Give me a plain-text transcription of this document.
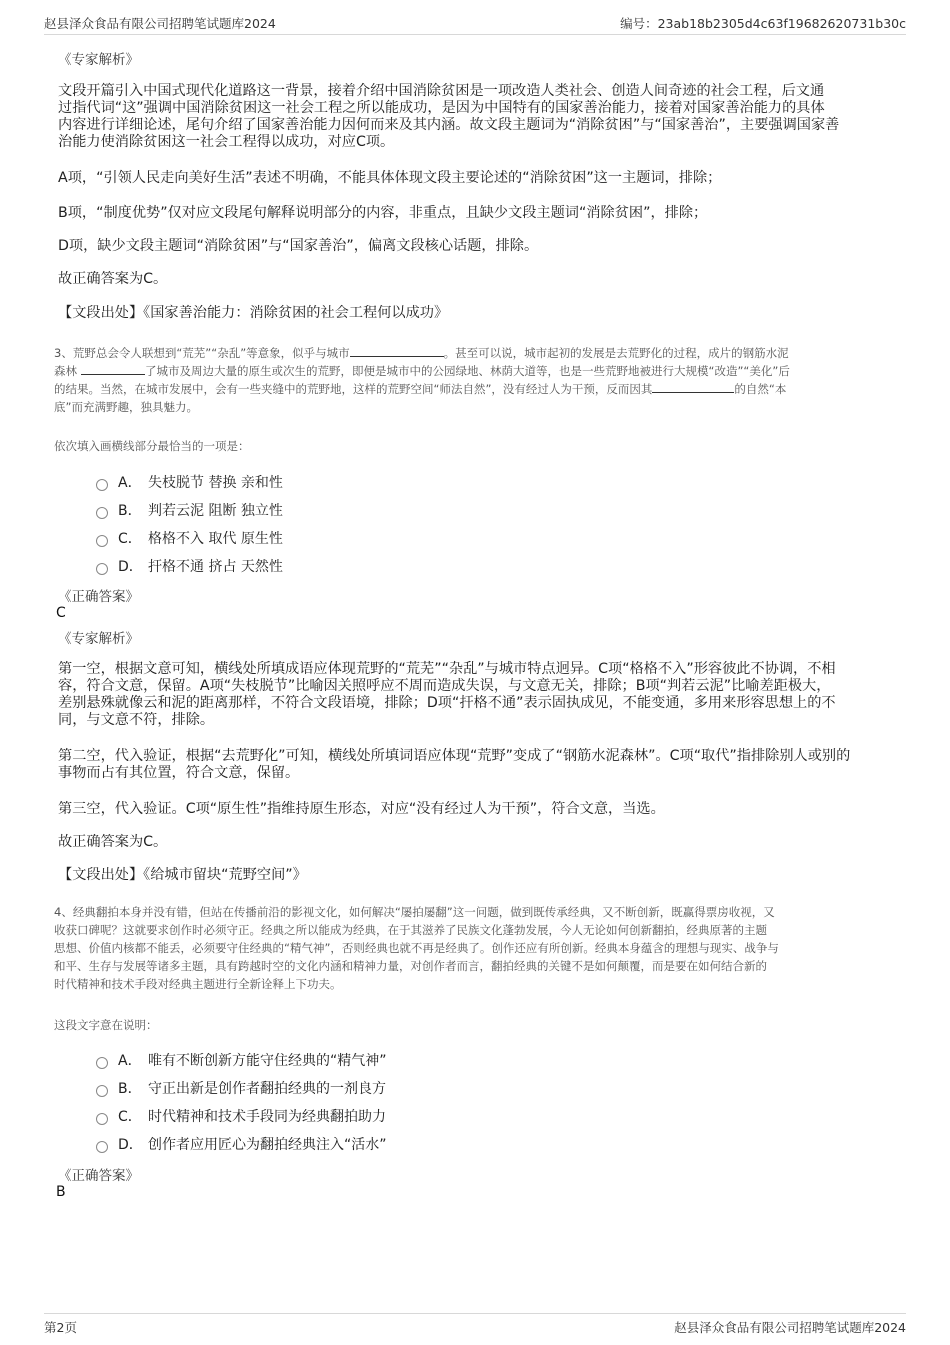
赵县泽众食品有限公司招聘笔试题库2024	编号：23ab18b2305d4c63f19682620731b30c
《专家解析》

文段开篇引入中国式现代化道路这一背景，接着介绍中国消除贫困是一项改造人类社会、创造人间奇迹的社会工程，后文通

过指代词“这”强调中国消除贫困这一社会工程之所以能成功，是因为中国特有的国家善治能力，接着对国家善治能力的具体

内容进行详细论述，尾句介绍了国家善治能力因何而来及其内涵。故文段主题词为“消除贫困”与“国家善治”，主要强调国家善

治能力使消除贫困这一社会工程得以成功，对应C项。

A项，“引领人民走向美好生活”表述不明确，不能具体体现文段主要论述的“消除贫困”这一主题词，排除；

B项，“制度优势”仅对应文段尾句解释说明部分的内容，非重点，且缺少文段主题词“消除贫困”，排除；

D项，缺少文段主题词“消除贫困”与“国家善治”，偏离文段核心话题，排除。

故正确答案为C。

【文段出处】《国家善治能力：消除贫困的社会工程何以成功》

3、荒野总会令人联想到“荒芜”“杂乱”等意象，似乎与城市	。甚至可以说，城市起初的发展是去荒野化的过程，成片的钢筋水泥
森林	了城市及周边大量的原生或次生的荒野，即便是城市中的公园绿地、林荫大道等，也是一些荒野地被进行大规模“改造”“美化”后
的结果。当然，在城市发展中，会有一些夹缝中的荒野地，这样的荒野空间“师法自然”，没有经过人为干预，反而因其	的自然“本
底”而充满野趣，独具魅力。
依次填入画横线部分最恰当的一项是：
A． 失枝脱节 替换 亲和性
B． 判若云泥 阻断 独立性
C． 格格不入 取代 原生性
D． 扞格不通 挤占 天然性
《正确答案》
C
《专家解析》

第一空，根据文意可知，横线处所填成语应体现荒野的“荒芜”“杂乱”与城市特点迥异。C项“格格不入”形容彼此不协调，不相

容，符合文意，保留。A项“失枝脱节”比喻因关照呼应不周而造成失误，与文意无关，排除；B项“判若云泥”比喻差距极大，

差别悬殊就像云和泥的距离那样，不符合文段语境，排除；D项“扞格不通”表示固执成见，不能变通，多用来形容思想上的不

同，与文意不符，排除。

第二空，代入验证，根据“去荒野化”可知，横线处所填词语应体现“荒野”变成了“钢筋水泥森林”。C项“取代”指排除别人或别的

事物而占有其位置，符合文意，保留。

第三空，代入验证。C项“原生性”指维持原生形态，对应“没有经过人为干预”，符合文意，当选。

故正确答案为C。

【文段出处】《给城市留块“荒野空间”》

4、经典翻拍本身并没有错，但站在传播前沿的影视文化，如何解决“屡拍屡翻”这一问题，做到既传承经典，又不断创新，既赢得票房收视，又
收获口碑呢？这就要求创作时必须守正。经典之所以能成为经典，在于其滋养了民族文化蓬勃发展，今人无论如何创新翻拍，经典原著的主题
思想、价值内核都不能丢，必须要守住经典的“精气神”，否则经典也就不再是经典了。创作还应有所创新。经典本身蕴含的理想与现实、战争与
和平、生存与发展等诸多主题，具有跨越时空的文化内涵和精神力量，对创作者而言，翻拍经典的关键不是如何颠覆，而是要在如何结合新的
时代精神和技术手段对经典主题进行全新诠释上下功夫。
这段文字意在说明：
A． 唯有不断创新方能守住经典的“精气神”
B． 守正出新是创作者翻拍经典的一剂良方
C． 时代精神和技术手段同为经典翻拍助力
D． 创作者应用匠心为翻拍经典注入“活水”
《正确答案》
B
第2页	赵县泽众食品有限公司招聘笔试题库2024
